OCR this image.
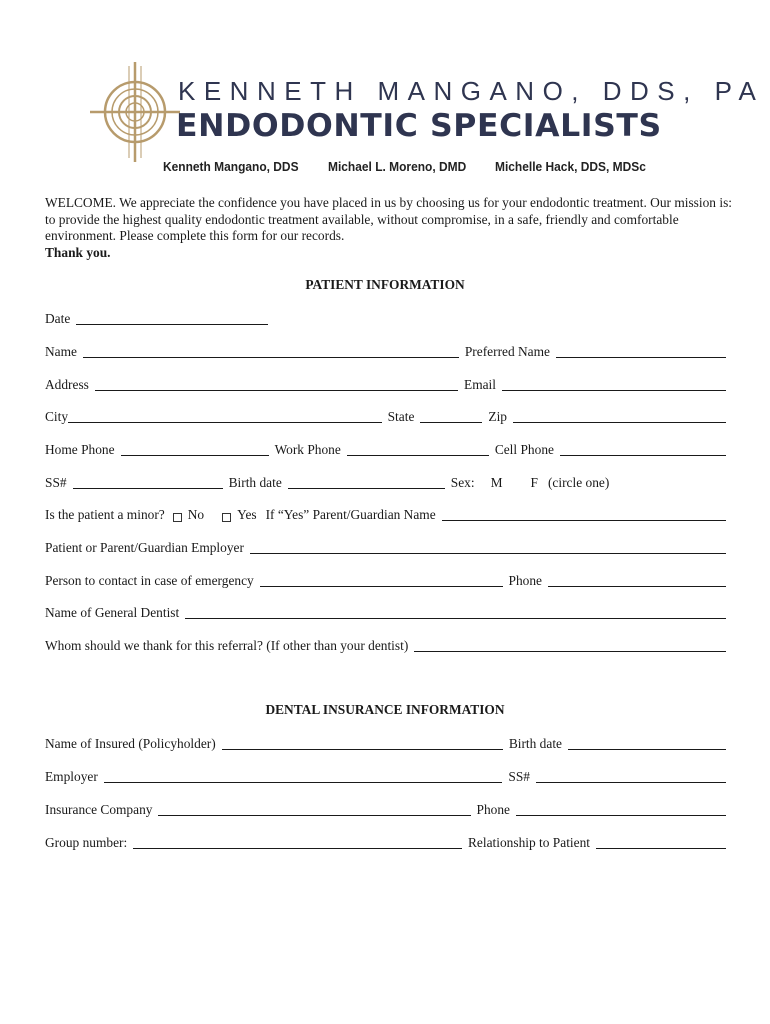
KENNETH MANGANO, DDS, PA
ENDODONTIC SPECIALISTS
Kenneth Mangano, DDS Michael L. Moreno, DMD Michelle Hack, DDS, MDSc

WELCOME. We appreciate the confidence you have placed in us by choosing us for your endodontic treatment. Our mission is: to provide the highest quality endodontic treatment available, without compromise, in a safe, friendly and comfortable environment. Please complete this form for our records.

Thank you.

PATIENT INFORMATION
Date
Name	Preferred Name
Address	Email
City	State	Zip
Home Phone	Work Phone	Cell Phone
SS#	Birth date	Sex: M F (circle one)
Is the patient a minor? No Yes If “Yes” Parent/Guardian Name
Patient or Parent/Guardian Employer
Person to contact in case of emergency	Phone
Name of General Dentist
Whom should we thank for this referral? (If other than your dentist)
DENTAL INSURANCE INFORMATION
Name of Insured (Policyholder)	Birth date
Employer	SS#
Insurance Company	Phone
Group number:	Relationship to Patient
